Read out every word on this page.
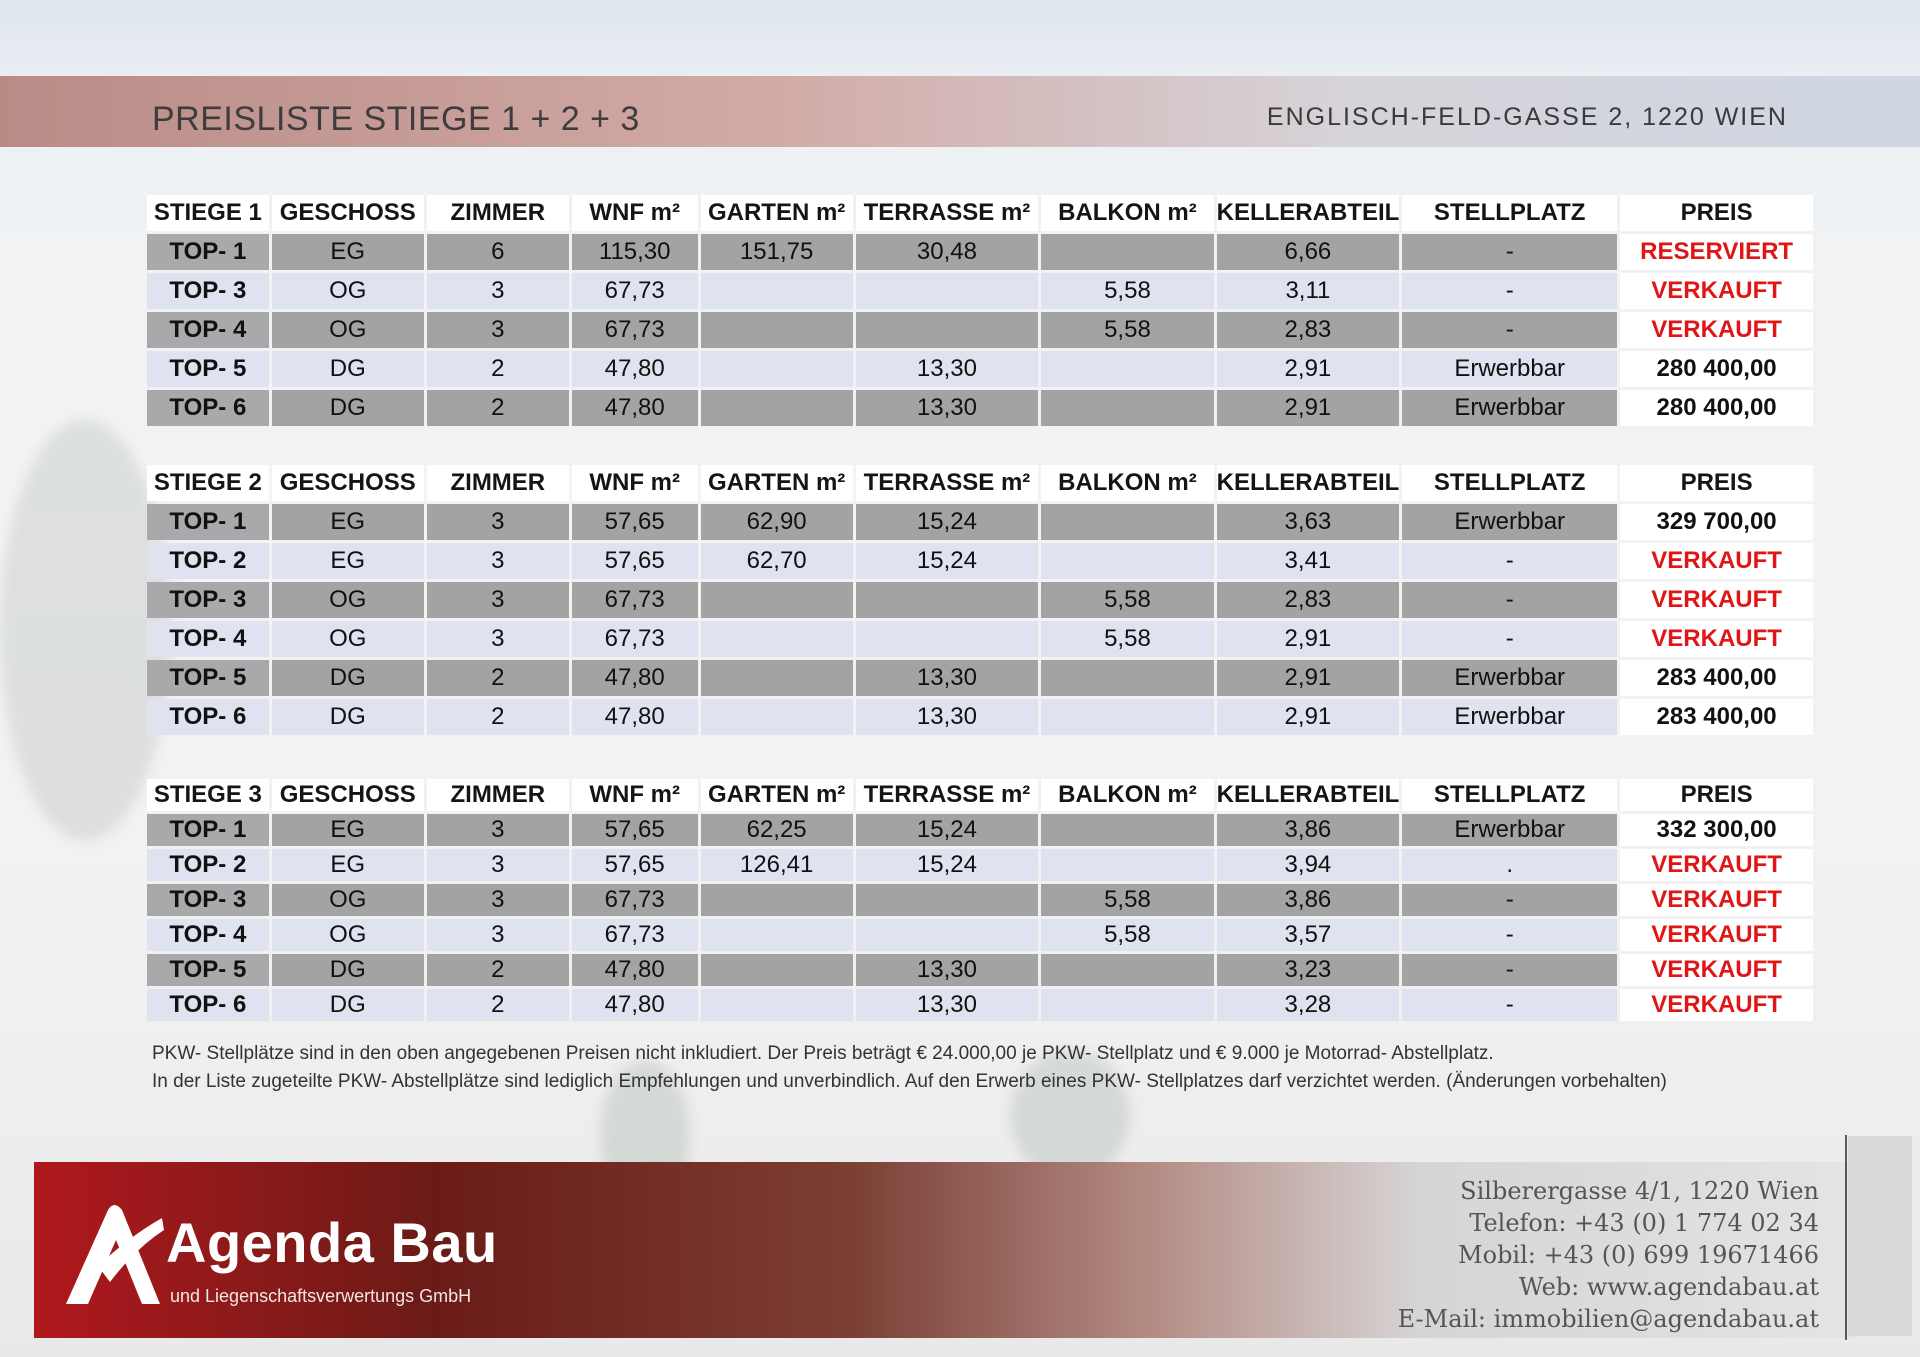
PREISLISTE STIEGE 1 + 2 + 3	ENGLISCH-FELD-GASSE 2, 1220 WIEN
STIEGE 1	GESCHOSS	ZIMMER	WNF m²	GARTEN m²	TERRASSE m²	BALKON m²	KELLERABTEIL	STELLPLATZ	PREIS
TOP- 1	EG	6	115,30	151,75	30,48		6,66	-	RESERVIERT
TOP- 3	OG	3	67,73			5,58	3,11	-	VERKAUFT
TOP- 4	OG	3	67,73			5,58	2,83	-	VERKAUFT
TOP- 5	DG	2	47,80		13,30		2,91	Erwerbbar	280 400,00
TOP- 6	DG	2	47,80		13,30		2,91	Erwerbbar	280 400,00
STIEGE 2	GESCHOSS	ZIMMER	WNF m²	GARTEN m²	TERRASSE m²	BALKON m²	KELLERABTEIL	STELLPLATZ	PREIS
TOP- 1	EG	3	57,65	62,90	15,24		3,63	Erwerbbar	329 700,00
TOP- 2	EG	3	57,65	62,70	15,24		3,41	-	VERKAUFT
TOP- 3	OG	3	67,73			5,58	2,83	-	VERKAUFT
TOP- 4	OG	3	67,73			5,58	2,91	-	VERKAUFT
TOP- 5	DG	2	47,80		13,30		2,91	Erwerbbar	283 400,00
TOP- 6	DG	2	47,80		13,30		2,91	Erwerbbar	283 400,00
STIEGE 3	GESCHOSS	ZIMMER	WNF m²	GARTEN m²	TERRASSE m²	BALKON m²	KELLERABTEIL	STELLPLATZ	PREIS
TOP- 1	EG	3	57,65	62,25	15,24		3,86	Erwerbbar	332 300,00
TOP- 2	EG	3	57,65	126,41	15,24		3,94	.	VERKAUFT
TOP- 3	OG	3	67,73			5,58	3,86	-	VERKAUFT
TOP- 4	OG	3	67,73			5,58	3,57	-	VERKAUFT
TOP- 5	DG	2	47,80		13,30		3,23	-	VERKAUFT
TOP- 6	DG	2	47,80		13,30		3,28	-	VERKAUFT
PKW- Stellplätze sind in den oben angegebenen Preisen nicht inkludiert. Der Preis beträgt € 24.000,00 je PKW- Stellplatz und € 9.000 je Motorrad- Abstellplatz.
In der Liste zugeteilte PKW- Abstellplätze sind lediglich Empfehlungen und unverbindlich. Auf den Erwerb eines PKW- Stellplatzes darf verzichtet werden. (Änderungen vorbehalten)
Agenda Bau
und Liegenschaftsverwertungs GmbH
Silberergasse 4/1, 1220 Wien
Telefon: +43 (0) 1 774 02 34
Mobil: +43 (0) 699 19671466
Web: www.agendabau.at
E-Mail: immobilien@agendabau.at
